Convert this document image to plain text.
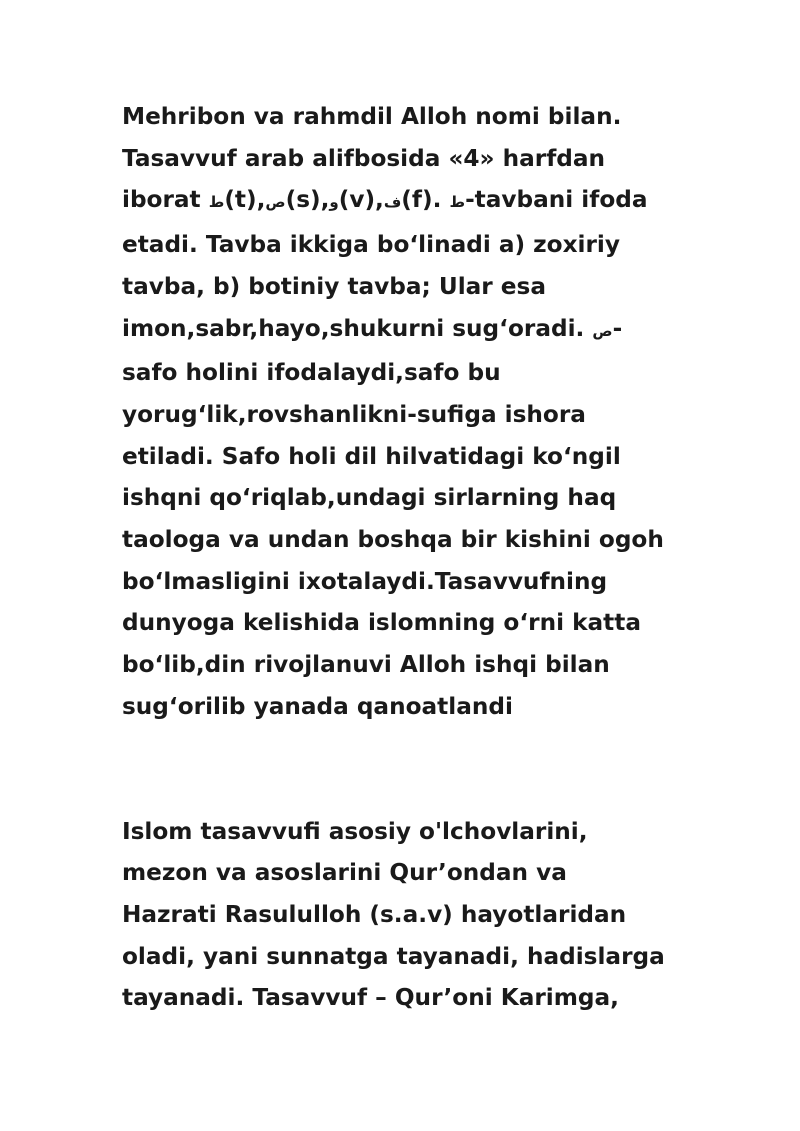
Mehribon va rahmdil Alloh nomi bilan.
Tasavvuf arab alifbosida «4» harfdan
iborat ط(t),ص(s),و(v),ف(f). ط-tavbani ifoda
etadi. Tavba ikkiga bo‘linadi a) zoxiriy
tavba, b) botiniy tavba; Ular esa
imon,sabr,hayo,shukurni sug‘oradi. ص-
safo holini ifodalaydi,safo bu
yorug‘lik,rovshanlikni-sufiga ishora
etiladi. Safo holi dil hilvatidagi ko‘ngil
ishqni qo‘riqlab,undagi sirlarning haq
taologa va undan boshqa bir kishini ogoh
bo‘lmasligini ixotalaydi.Tasavvufning
dunyoga kelishida islomning o‘rni katta
bo‘lib,din rivojlanuvi Alloh ishqi bilan
sug‘orilib yanada qanoatlandi
Islom tasavvufi asosiy o'lchovlarini,
mezon va asoslarini Qur’ondan va
Hazrati Rasululloh (s.a.v) hayotlaridan
oladi, yani sunnatga tayanadi, hadislarga
tayanadi. Tasavvuf – Qur’oni Karimga,
